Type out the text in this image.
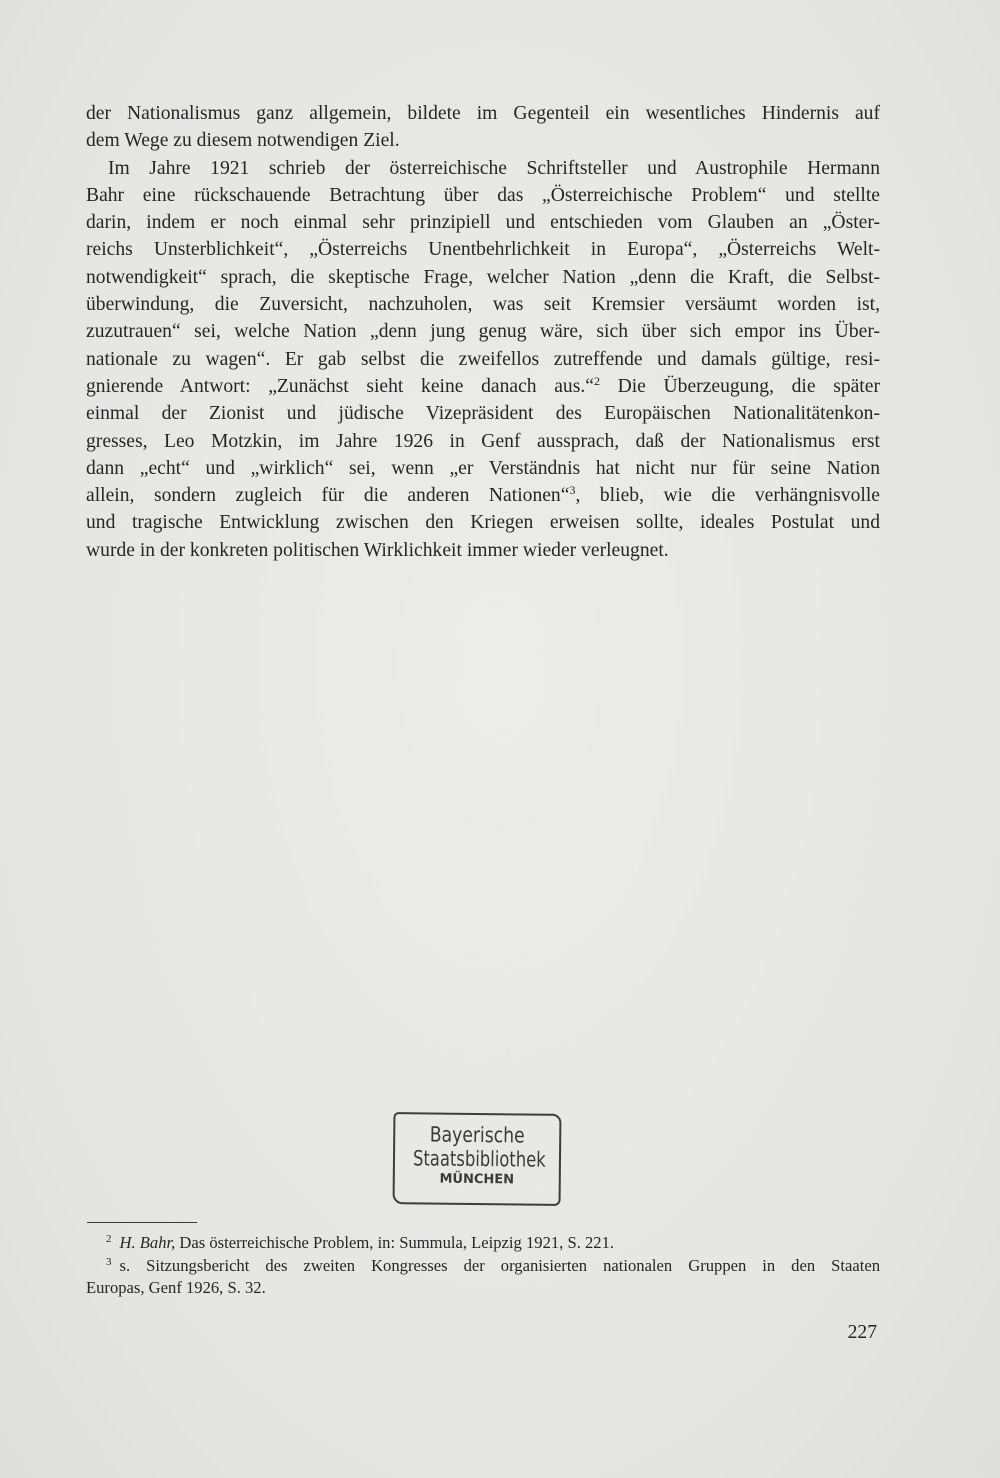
der Nationalismus ganz allgemein, bildete im Gegenteil ein wesentliches Hindernis auf
dem Wege zu diesem notwendigen Ziel.
Im Jahre 1921 schrieb der österreichische Schriftsteller und Austrophile Hermann
Bahr eine rückschauende Betrachtung über das „Österreichische Problem“ und stellte
darin, indem er noch einmal sehr prinzipiell und entschieden vom Glauben an „Öster-
reichs Unsterblichkeit“, „Österreichs Unentbehrlichkeit in Europa“, „Österreichs Welt-
notwendigkeit“ sprach, die skeptische Frage, welcher Nation „denn die Kraft, die Selbst-
überwindung, die Zuversicht, nachzuholen, was seit Kremsier versäumt worden ist,
zuzutrauen“ sei, welche Nation „denn jung genug wäre, sich über sich empor ins Über-
nationale zu wagen“. Er gab selbst die zweifellos zutreffende und damals gültige, resi-
gnierende Antwort: „Zunächst sieht keine danach aus.“$^2$ Die Überzeugung, die später
einmal der Zionist und jüdische Vizepräsident des Europäischen Nationalitätenkon-
gresses, Leo Motzkin, im Jahre 1926 in Genf aussprach, daß der Nationalismus erst
dann „echt“ und „wirklich“ sei, wenn „er Verständnis hat nicht nur für seine Nation
allein, sondern zugleich für die anderen Nationen“$^3$, blieb, wie die verhängnisvolle
und tragische Entwicklung zwischen den Kriegen erweisen sollte, ideales Postulat und
wurde in der konkreten politischen Wirklichkeit immer wieder verleugnet.
Bayerische
Staatsbibliothek
MÜNCHEN
$^2$ H. Bahr, Das österreichische Problem, in: Summula, Leipzig 1921, S. 221.
$^3$ s. Sitzungsbericht des zweiten Kongresses der organisierten nationalen Gruppen in den Staaten
Europas, Genf 1926, S. 32.
227
